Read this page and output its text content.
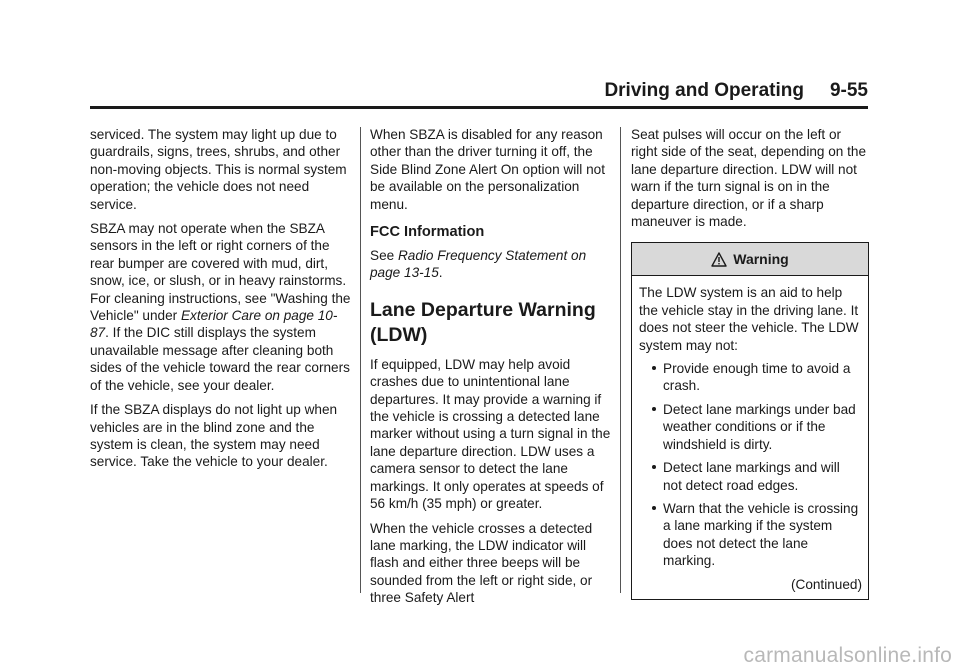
Driving and Operating 9-55

serviced. The system may light up due to guardrails, signs, trees, shrubs, and other non-moving objects. This is normal system operation; the vehicle does not need service.

SBZA may not operate when the SBZA sensors in the left or right corners of the rear bumper are covered with mud, dirt, snow, ice, or slush, or in heavy rainstorms. For cleaning instructions, see "Washing the Vehicle" under Exterior Care on page 10-87. If the DIC still displays the system unavailable message after cleaning both sides of the vehicle toward the rear corners of the vehicle, see your dealer.

If the SBZA displays do not light up when vehicles are in the blind zone and the system is clean, the system may need service. Take the vehicle to your dealer.

When SBZA is disabled for any reason other than the driver turning it off, the Side Blind Zone Alert On option will not be available on the personalization menu.

FCC Information

See Radio Frequency Statement on page 13-15.

Lane Departure Warning (LDW)

If equipped, LDW may help avoid crashes due to unintentional lane departures. It may provide a warning if the vehicle is crossing a detected lane marker without using a turn signal in the lane departure direction. LDW uses a camera sensor to detect the lane markings. It only operates at speeds of 56 km/h (35 mph) or greater.

When the vehicle crosses a detected lane marking, the LDW indicator will flash and either three beeps will be sounded from the left or right side, or three Safety Alert

Seat pulses will occur on the left or right side of the seat, depending on the lane departure direction. LDW will not warn if the turn signal is on in the departure direction, or if a sharp maneuver is made.

Warning
The LDW system is an aid to help the vehicle stay in the driving lane. It does not steer the vehicle. The LDW system may not:
Provide enough time to avoid a crash.
Detect lane markings under bad weather conditions or if the windshield is dirty.
Detect lane markings and will not detect road edges.
Warn that the vehicle is crossing a lane marking if the system does not detect the lane marking.
(Continued)
carmanualsonline.info
